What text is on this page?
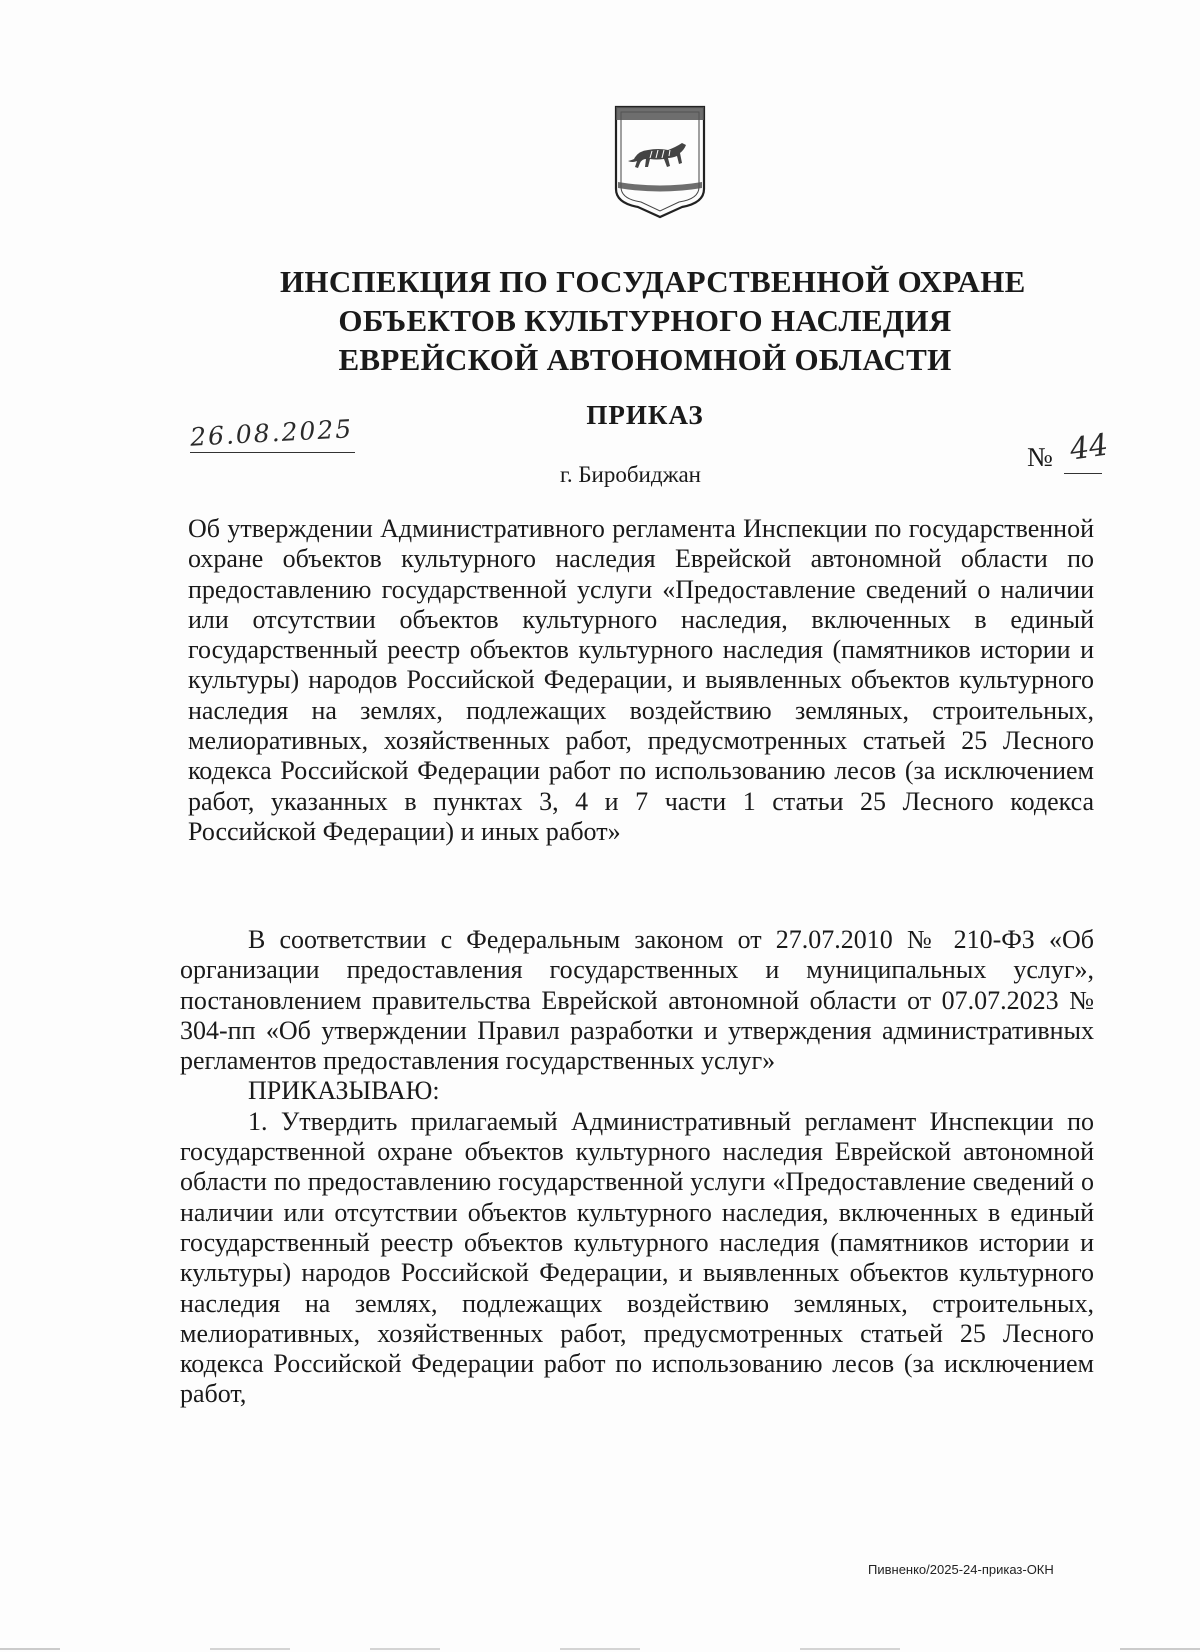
ИНСПЕКЦИЯ ПО ГОСУДАРСТВЕННОЙ ОХРАНЕ
ОБЪЕКТОВ КУЛЬТУРНОГО НАСЛЕДИЯ
ЕВРЕЙСКОЙ АВТОНОМНОЙ ОБЛАСТИ
ПРИКАЗ
26.08.2025
№ 44
г. Биробиджан

Об утверждении Административного регламента Инспекции по государственной охране объектов культурного наследия Еврейской автономной области по предоставлению государственной услуги «Предоставление сведений о наличии или отсутствии объектов культурного наследия, включенных в единый государственный реестр объектов культурного наследия (памятников истории и культуры) народов Российской Федерации, и выявленных объектов культурного наследия на землях, подлежащих воздействию земляных, строительных, мелиоративных, хозяйственных работ, предусмотренных статьей 25 Лесного кодекса Российской Федерации работ по использованию лесов (за исключением работ, указанных в пунктах 3, 4 и 7 части 1 статьи 25 Лесного кодекса Российской Федерации) и иных работ»

В соответствии с Федеральным законом от 27.07.2010 № 210-ФЗ «Об организации предоставления государственных и муниципальных услуг», постановлением правительства Еврейской автономной области от 07.07.2023 № 304-пп «Об утверждении Правил разработки и утверждения административных регламентов предоставления государственных услуг»

ПРИКАЗЫВАЮ:

1. Утвердить прилагаемый Административный регламент Инспекции по государственной охране объектов культурного наследия Еврейской автономной области по предоставлению государственной услуги «Предоставление сведений о наличии или отсутствии объектов культурного наследия, включенных в единый государственный реестр объектов культурного наследия (памятников истории и культуры) народов Российской Федерации, и выявленных объектов культурного наследия на землях, подлежащих воздействию земляных, строительных, мелиоративных, хозяйственных работ, предусмотренных статьей 25 Лесного кодекса Российской Федерации работ по использованию лесов (за исключением работ,

Пивненко/2025-24-приказ-ОКН
